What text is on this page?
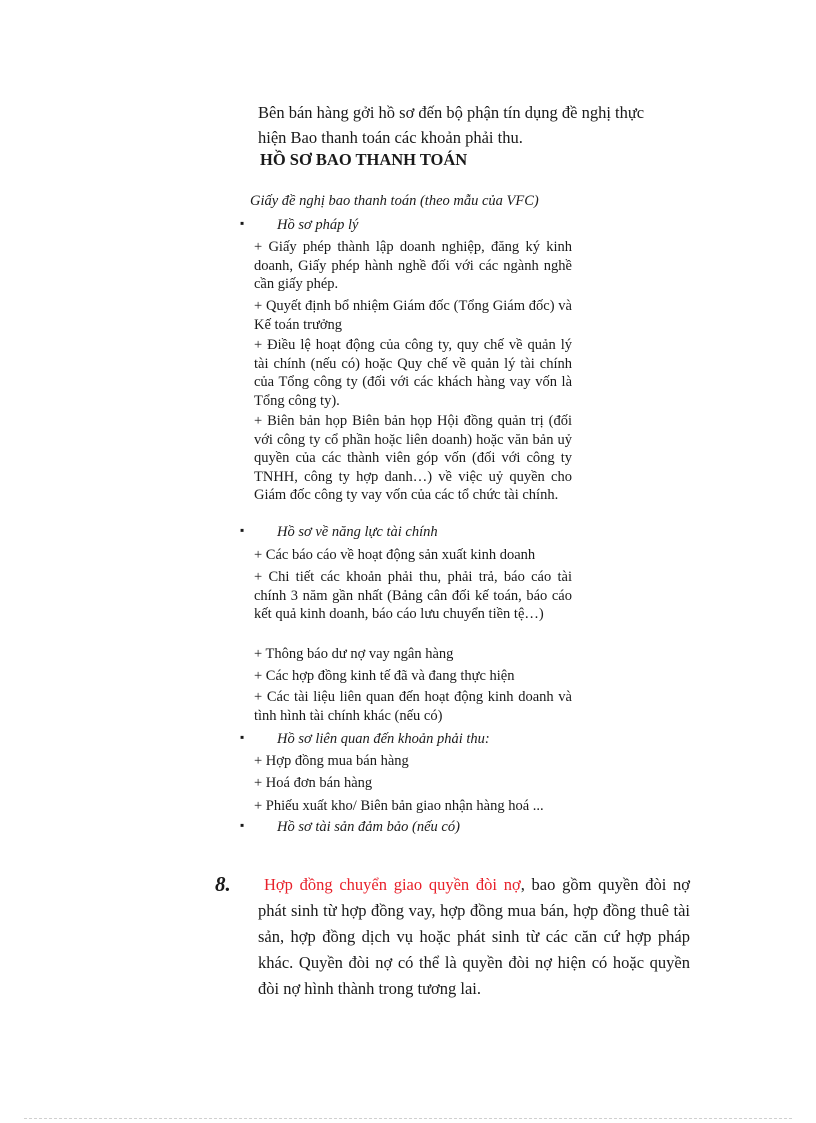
Bên bán hàng gởi hồ sơ đến bộ phận tín dụng đề nghị thực

hiện Bao thanh toán các khoản phải thu.

HỒ SƠ BAO THANH TOÁN
Giấy đề nghị bao thanh toán (theo mẫu của VFC)
▪ Hồ sơ pháp lý
+ Giấy phép thành lập doanh nghiệp, đăng ký kinh doanh, Giấy phép hành nghề đối với các ngành nghề cần giấy phép.
+ Quyết định bổ nhiệm Giám đốc (Tổng Giám đốc) và Kế toán trưởng
+ Điều lệ hoạt động của công ty, quy chế về quản lý tài chính (nếu có) hoặc Quy chế về quản lý tài chính của Tổng công ty (đối với các khách hàng vay vốn là Tổng công ty).
+ Biên bản họp Biên bản họp Hội đồng quản trị (đối với công ty cổ phần hoặc liên doanh) hoặc văn bản uỷ quyền của các thành viên góp vốn (đối với công ty TNHH, công ty hợp danh…) về việc uỷ quyền cho Giám đốc công ty vay vốn của các tổ chức tài chính.
▪ Hồ sơ về năng lực tài chính
+ Các báo cáo về hoạt động sản xuất kinh doanh
+ Chi tiết các khoản phải thu, phải trả, báo cáo tài chính 3 năm gần nhất (Bảng cân đối kế toán, báo cáo kết quả kinh doanh, báo cáo lưu chuyển tiền tệ…)
+ Thông báo dư nợ vay ngân hàng
+ Các hợp đồng kinh tế đã và đang thực hiện
+ Các tài liệu liên quan đến hoạt động kinh doanh và tình hình tài chính khác (nếu có)
▪ Hồ sơ liên quan đến khoản phải thu:
+ Hợp đồng mua bán hàng
+ Hoá đơn bán hàng
+ Phiếu xuất kho/ Biên bản giao nhận hàng hoá ...
▪ Hồ sơ tài sản đảm bảo (nếu có)
8.	Hợp đồng chuyển giao quyền đòi nợ, bao gồm quyền đòi nợ phát sinh từ hợp đồng vay, hợp đồng mua bán, hợp đồng thuê tài sản, hợp đồng dịch vụ hoặc phát sinh từ các căn cứ hợp pháp khác. Quyền đòi nợ có thể là quyền đòi nợ hiện có hoặc quyền đòi nợ hình thành trong tương lai.
